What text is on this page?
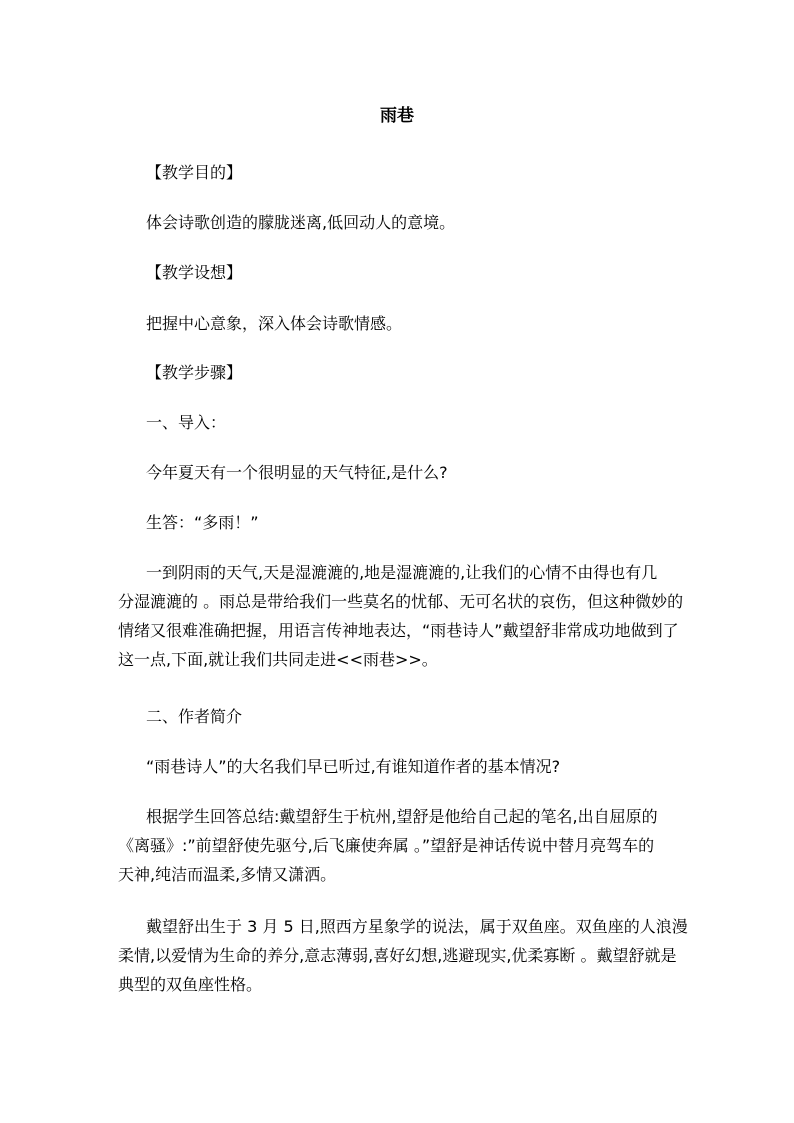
雨巷

【教学目的】

体会诗歌创造的朦胧迷离,低回动人的意境。

【教学设想】

把握中心意象，深入体会诗歌情感。

【教学步骤】

一、导入：

今年夏天有一个很明显的天气特征,是什么?

生答：“多雨！”

一到阴雨的天气,天是湿漉漉的,地是湿漉漉的,让我们的心情不由得也有几
分湿漉漉的 。雨总是带给我们一些莫名的忧郁、无可名状的哀伤，但这种微妙的
情绪又很难准确把握，用语言传神地表达，“雨巷诗人”戴望舒非常成功地做到了
这一点,下面,就让我们共同走进<<雨巷>>。

二、作者简介

“雨巷诗人”的大名我们早已听过,有谁知道作者的基本情况?

根据学生回答总结:戴望舒生于杭州,望舒是他给自己起的笔名,出自屈原的
《离骚》:”前望舒使先驱兮,后飞廉使奔属 。”望舒是神话传说中替月亮驾车的
天神,纯洁而温柔,多情又潇洒。
戴望舒出生于 3 月 5 日,照西方星象学的说法，属于双鱼座。双鱼座的人浪漫
柔情,以爱情为生命的养分,意志薄弱,喜好幻想,逃避现实,优柔寡断 。戴望舒就是
典型的双鱼座性格。
